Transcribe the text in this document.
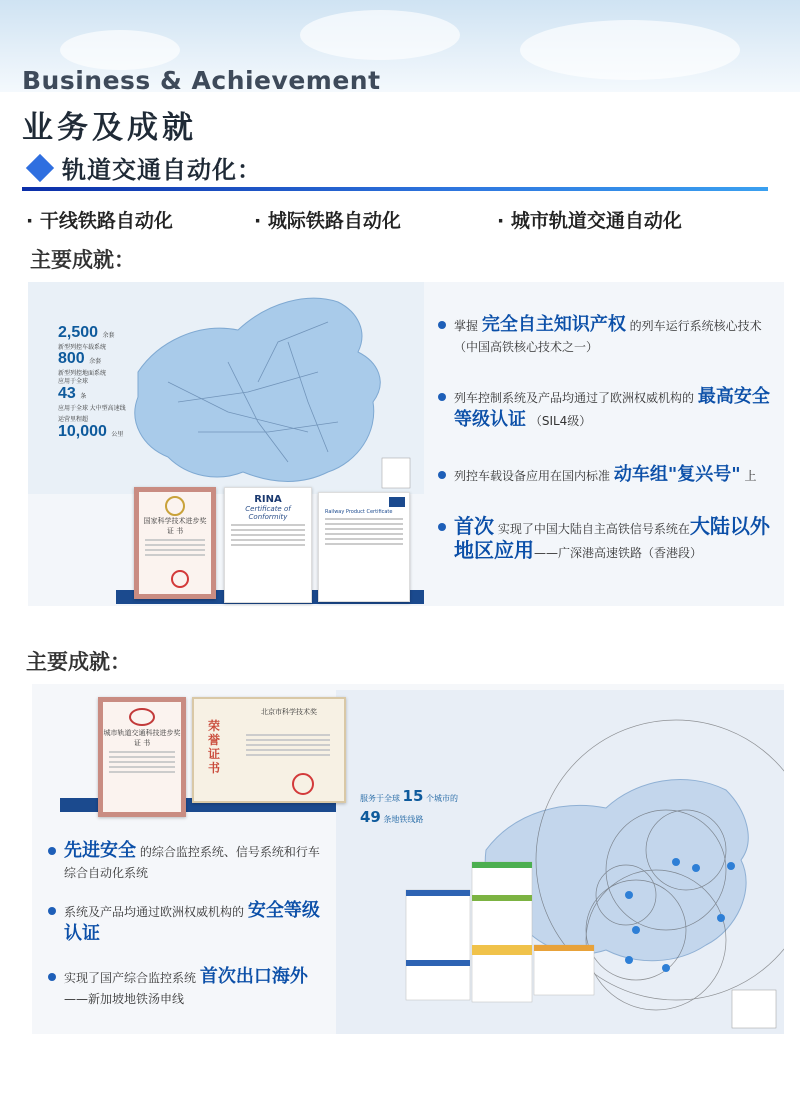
Business & Achievement
业务及成就
轨道交通自动化：
· 干线铁路自动化	· 城际铁路自动化	· 城市轨道交通自动化
主要成就：
2,500 余套
新型列控车载系统
800 余套
新型列控地面系统
应用于全球
43 条
应用于全球 大中型高速线
运营里程超
10,000 公里
国家科学技术进步奖
证 书
RINA
Certificate of Conformity
Railway Product Certificate
掌握 完全自主知识产权 的列车运行系统核心技术（中国高铁核心技术之一）
列车控制系统及产品均通过了欧洲权威机构的 最高安全等级认证 （SIL4级）
列控车载设备应用在国内标准 动车组"复兴号" 上
首次 实现了中国大陆自主高铁信号系统在大陆以外地区应用——广深港高速铁路（香港段）
主要成就：
服务于全球 15 个城市的
49 条地铁线路
城市轨道交通科技进步奖
证 书
北京市科学技术奖
荣誉证书
先进安全 的综合监控系统、信号系统和行车综合自动化系统
系统及产品均通过欧洲权威机构的 安全等级认证
实现了国产综合监控系统 首次出口海外
——新加坡地铁汤申线
